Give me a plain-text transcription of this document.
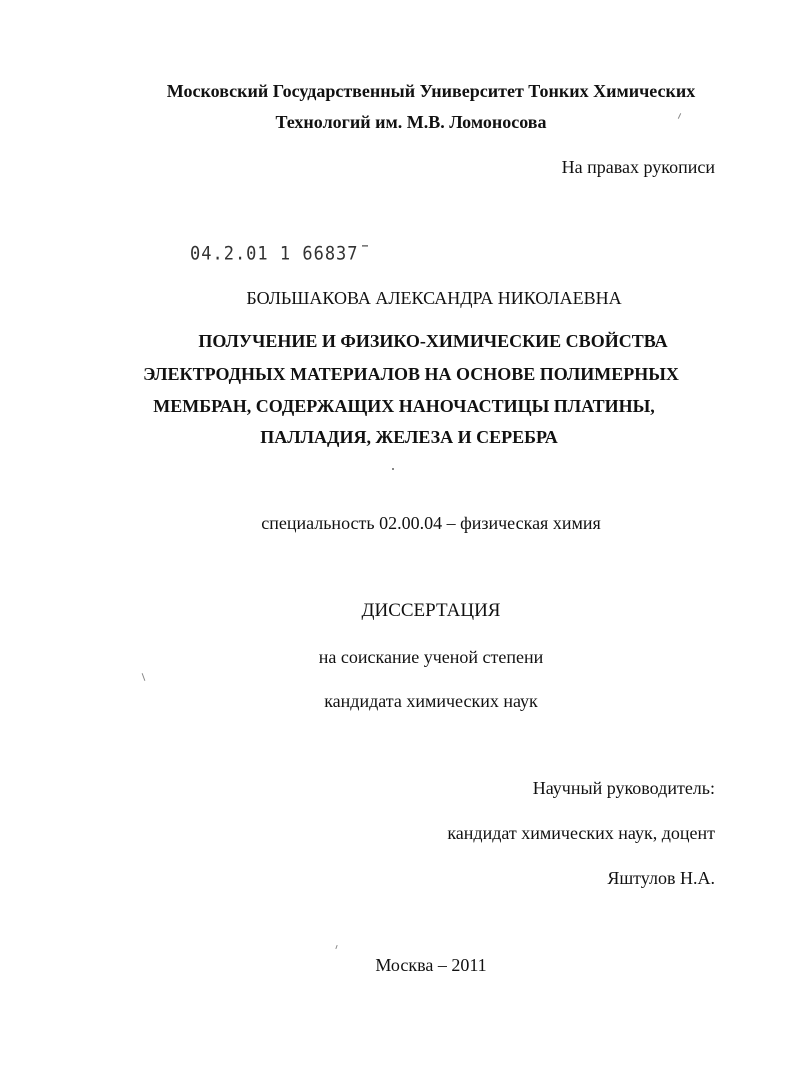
Московский Государственный Университет Тонких Химических
Технологий им. М.В. Ломоносова
На правах рукописи
04.2.01 1 66837
БОЛЬШАКОВА АЛЕКСАНДРА НИКОЛАЕВНА
ПОЛУЧЕНИЕ И ФИЗИКО-ХИМИЧЕСКИЕ СВОЙСТВА
ЭЛЕКТРОДНЫХ МАТЕРИАЛОВ НА ОСНОВЕ ПОЛИМЕРНЫХ
МЕМБРАН, СОДЕРЖАЩИХ НАНОЧАСТИЦЫ ПЛАТИНЫ,
ПАЛЛАДИЯ, ЖЕЛЕЗА И СЕРЕБРА
специальность 02.00.04 – физическая химия
ДИССЕРТАЦИЯ
на соискание ученой степени
кандидата химических наук
Научный руководитель:
кандидат химических наук, доцент
Яштулов Н.А.
Москва – 2011
